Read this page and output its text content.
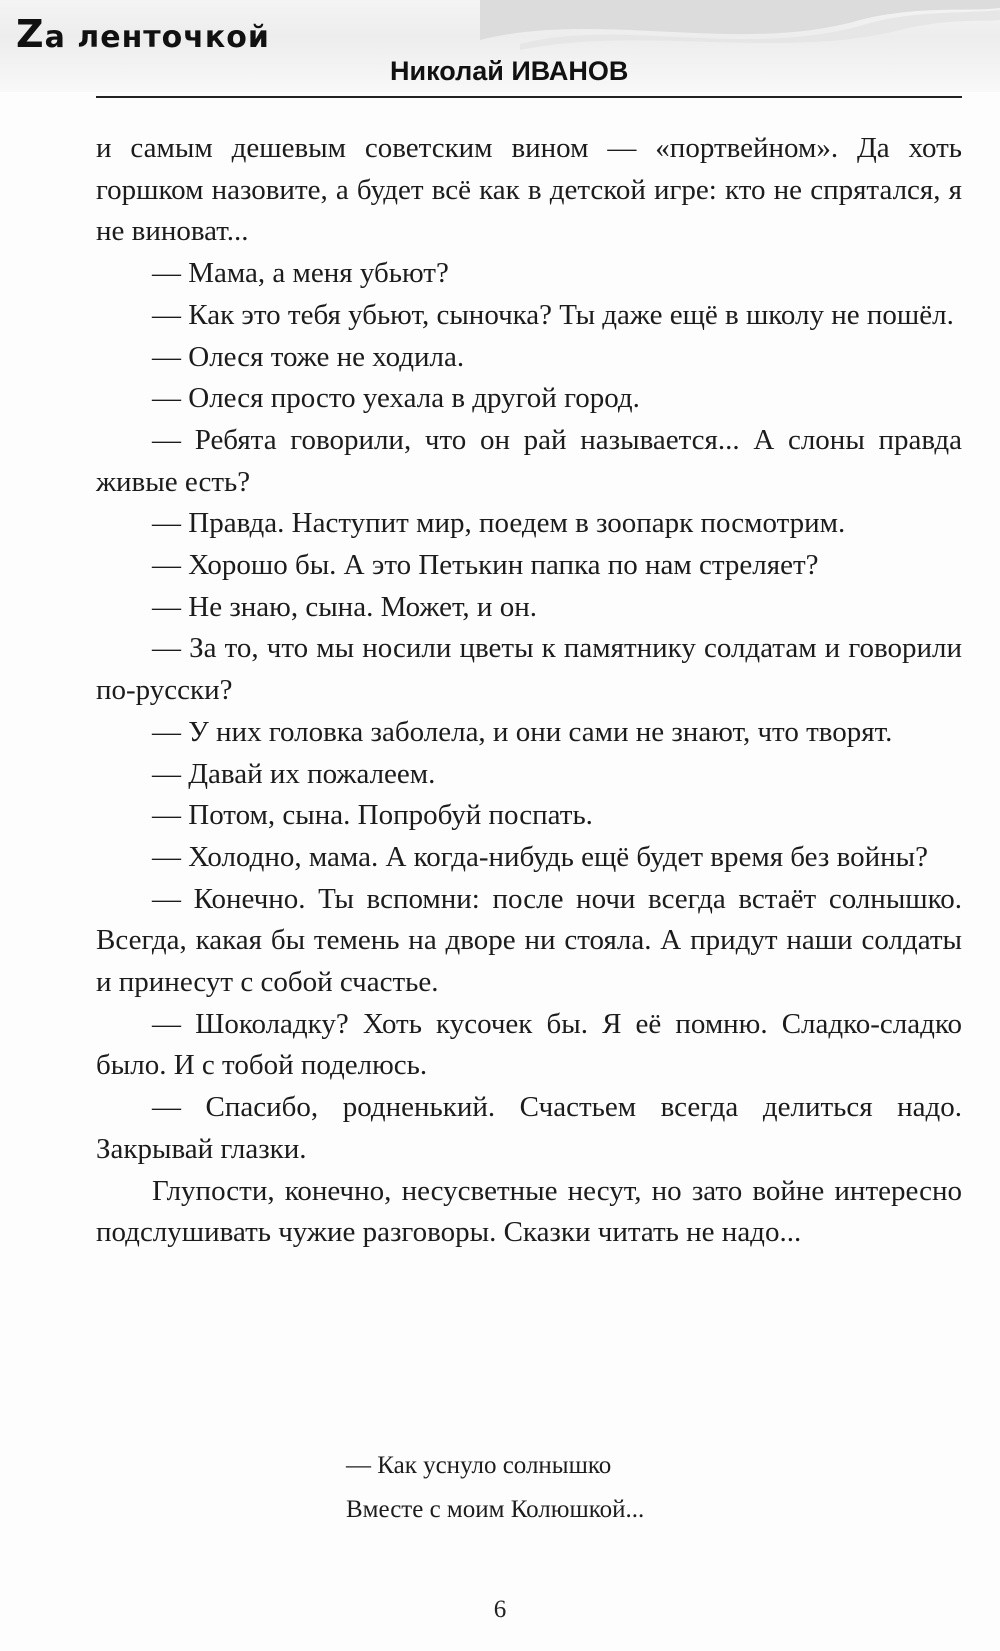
Zа ленточкой
Николай ИВАНОВ

и самым дешевым советским вином — «портвейном». Да хоть горшком назовите, а будет всё как в детской игре: кто не спрятался, я не виноват...

— Мама, а меня убьют?

— Как это тебя убьют, сыночка? Ты даже ещё в школу не пошёл.

— Олеся тоже не ходила.

— Олеся просто уехала в другой город.

— Ребята говорили, что он рай называется... А слоны правда живые есть?

— Правда. Наступит мир, поедем в зоопарк посмотрим.

— Хорошо бы. А это Петькин папка по нам стреляет?

— Не знаю, сына. Может, и он.

— За то, что мы носили цветы к памятнику солдатам и говорили по-русски?

— У них головка заболела, и они сами не знают, что творят.

— Давай их пожалеем.

— Потом, сына. Попробуй поспать.

— Холодно, мама. А когда-нибудь ещё будет время без войны?

— Конечно. Ты вспомни: после ночи всегда встаёт солнышко. Всегда, какая бы темень на дворе ни стояла. А придут наши солдаты и принесут с собой счастье.

— Шоколадку? Хоть кусочек бы. Я её помню. Сладко-сладко было. И с тобой поделюсь.

— Спасибо, родненький. Счастьем всегда делиться надо. Закрывай глазки.

Глупости, конечно, несусветные несут, но зато войне интересно подслушивать чужие разговоры. Сказки читать не надо...

— Как уснуло солнышко
Вместе с моим Колюшкой...
6
